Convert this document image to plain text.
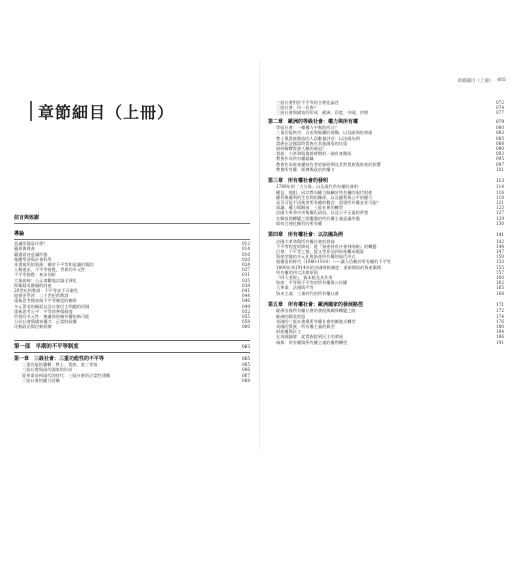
章節細目（上冊） 605
章節細目（上冊）
前言與致謝
導論
意識形態是什麼？	012
邊界與財產	014
嚴肅看待意識形態	016
集體學習與社會科學	020
本書使用的資源：關於不平等和意識形態的	024
人類進步、不平等復甦，世界的多元性	027
不平等復甦：初步剖析	031
大象曲線：公正客觀地討論全球化	035
捍衛精英階層的財產	038
20世紀的教訓：不平等並不可避免	041
從歷史學習：二十世紀的教訓	044
重新思考國家與不平等制度的關係	046
多元菁英的崛起以及社會民主問題的回歸	049
重新思考公平：平等的參與制度	052
世界的多元性：無邊界的擁有權的新可能	055
公民社會與國家權力：正當的政權	058
比較政治與比較經濟	060
第一部　早期的不平等制度	063
第一章　三級社會：三重功能性的不平等	065
三重功能的邏輯：教士、貴族、第三等級	065
三級社會與現代國家的形成	066
從革命前到現代的時代：三級社會的正當性建構	067
三級社會的權力結構	068
三級社會對於不平等的合理化論述	072
三級社會：均一民族？	074
三級社會與國家的形成：歐洲、印度、中國、伊朗	077
第二章　歐洲的等級社會：權力與所有權	079
等級社會：一種權力平衡的形式？	080
三重功能秩序，自由與集權的建構，以及歐洲的命運	083
教士與貴族階級的人員數量評估：以法國為例	085
貴族在法國當時貴族在其他國家的比重	088
如何解釋貴族人數的衰退？	090
貴族：大革命與復辟時期的一個有產階級	093
教會作為所有權組織	095
教會作為財產權持有者的新時期及其對貴族與財產的影響	097
教會所有權：經濟與政治的權力	101
第三章　所有權社會的發明	113
1789年的「大分界」以及現代所有權的發明	114
權益、地租、因宗教而權力歸屬於所有權的現代財產	116
權利與權利的生存間的關係，以及權利與公平的權力	118
是否可能不再使用所有權的概念：重建所有權並非可能？	121
知識、權力與解放：三級社會的轉型	125
法國大革命中央集權化政府，以及公平正義的夢想	127
在解放與轉變之間擺盪的所有權主義意識形態	129
如何合理化擁有的所有權	130
第四章　所有權社會：以法國為例	141
法國大革命與所有權社會的發展	142
不平等程度的降低：從『資產持有社會到兩極』的轉變	144
巴黎：不平等之都，從文學作品到財產繼承檔案	147
資產型態的多元化與資產所有權的現代形式	150
奧賽洛的時代（1880-1914）——讓人信賴於所有權的不平等	153
1800年到1914年的法國財稅制度：重新開始的資產累積	155
所有權的四大法律原則	157
『四大老稅』，資本稅及其作用	160
資產：平等與不平等的所有權與公民權	162
大革命、法國與平等	165
資本主義：工業時代的所有權社會	168
第五章　所有權社會：歐洲國家的發展路徑	171
歐洲各國所有權社會的發展與關係轉變之路	172
歐洲的精英財富	174
英國的三級社會與所有權社會的漸進式轉型	176
英國的貴族：所有權主義的典型	180
財產權與民主	184
在英國議會：從貴族院到民主的發展	186
瑞典：所有權與所有權主義的權利轉型	191
